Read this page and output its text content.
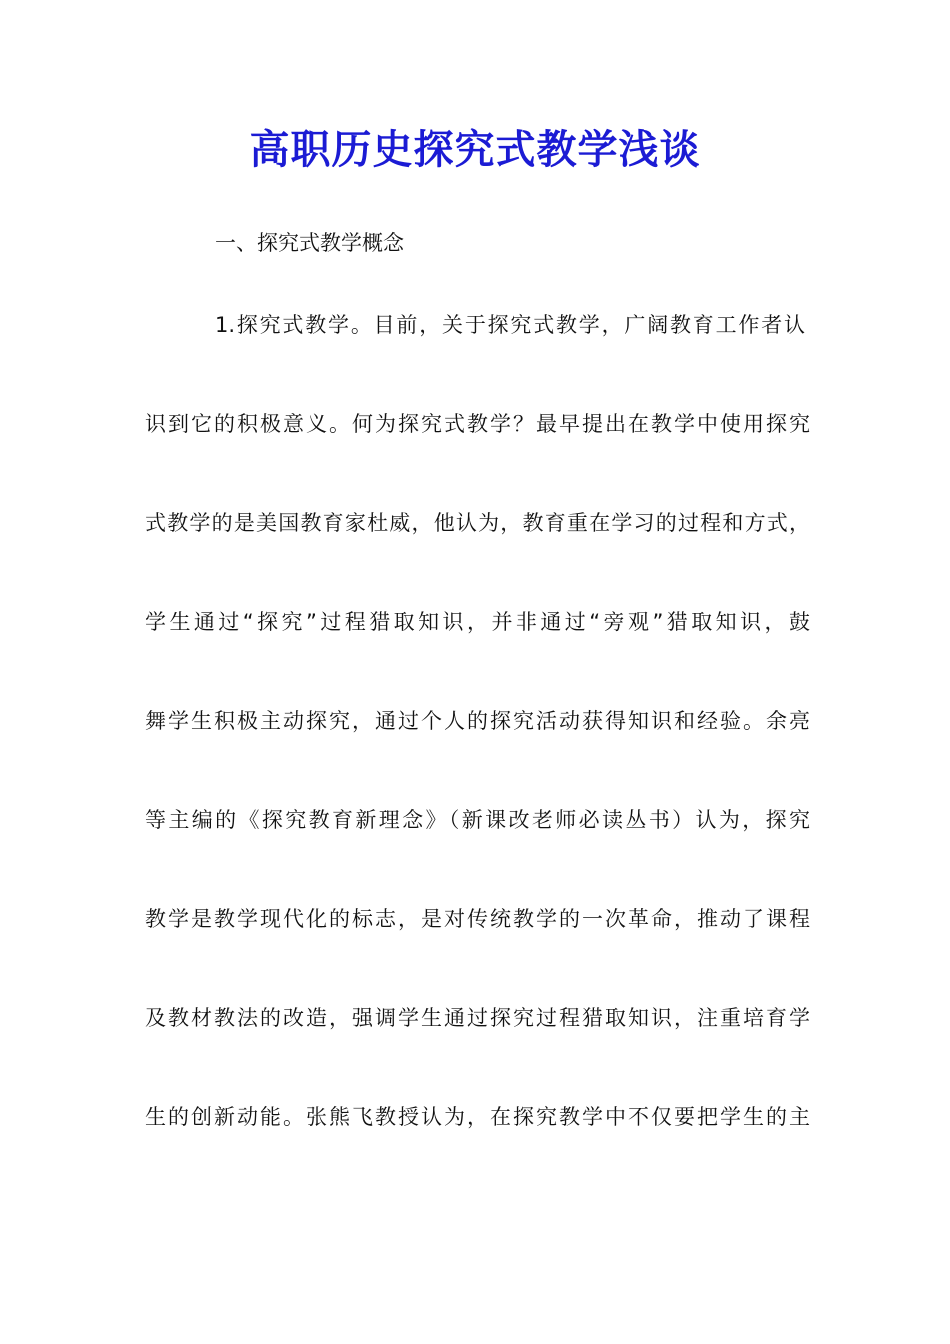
高职历史探究式教学浅谈

一、探究式教学概念

1.探究式教学。目前，关于探究式教学，广阔教育工作者认

识到它的积极意义。何为探究式教学？最早提出在教学中使用探究

式教学的是美国教育家杜威，他认为，教育重在学习的过程和方式，

学生通过“探究”过程猎取知识，并非通过“旁观”猎取知识，鼓

舞学生积极主动探究，通过个人的探究活动获得知识和经验。余亮

等主编的《探究教育新理念》（新课改老师必读丛书）认为，探究

教学是教学现代化的标志，是对传统教学的一次革命，推动了课程

及教材教法的改造，强调学生通过探究过程猎取知识，注重培育学

生的创新动能。张熊飞教授认为，在探究教学中不仅要把学生的主
